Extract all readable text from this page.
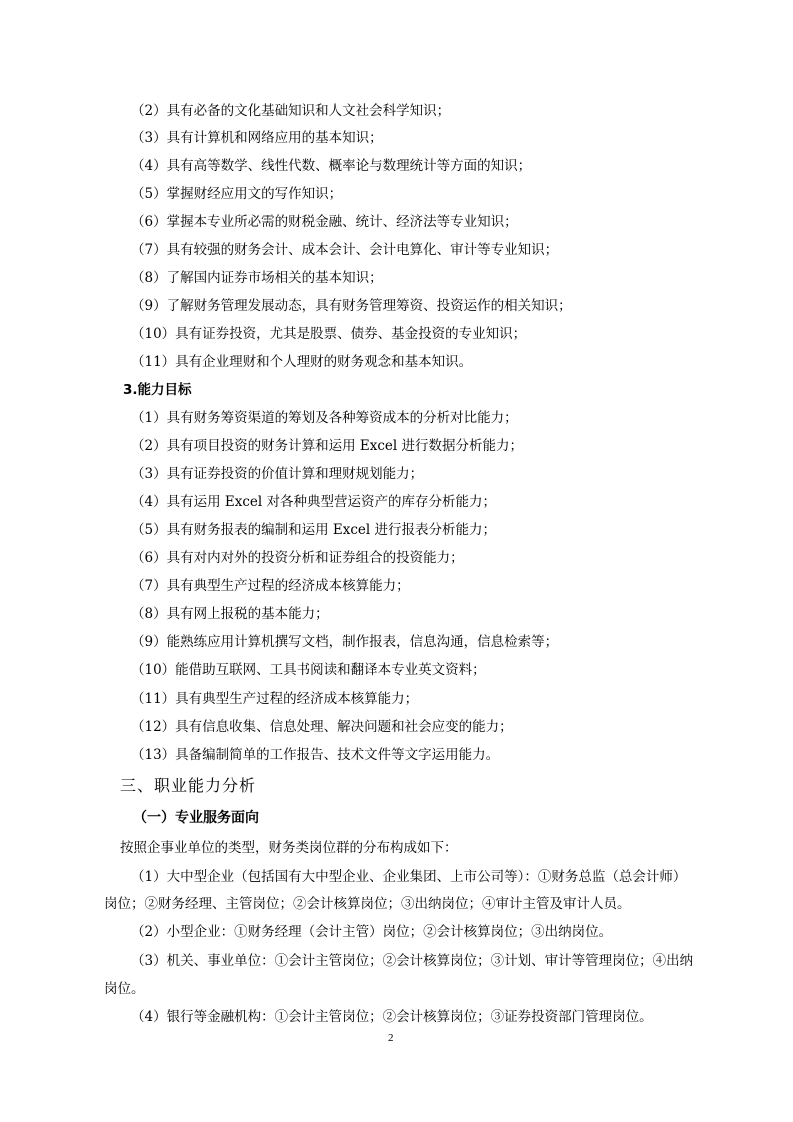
（2）具有必备的文化基础知识和人文社会科学知识；
（3）具有计算机和网络应用的基本知识；
（4）具有高等数学、线性代数、概率论与数理统计等方面的知识；
（5）掌握财经应用文的写作知识；
（6）掌握本专业所必需的财税金融、统计、经济法等专业知识；
（7）具有较强的财务会计、成本会计、会计电算化、审计等专业知识；
（8）了解国内证券市场相关的基本知识；
（9）了解财务管理发展动态，具有财务管理筹资、投资运作的相关知识；
（10）具有证券投资，尤其是股票、债券、基金投资的专业知识；
（11）具有企业理财和个人理财的财务观念和基本知识。
3.能力目标
（1）具有财务筹资渠道的筹划及各种筹资成本的分析对比能力；
（2）具有项目投资的财务计算和运用 Excel 进行数据分析能力；
（3）具有证券投资的价值计算和理财规划能力；
（4）具有运用 Excel 对各种典型营运资产的库存分析能力；
（5）具有财务报表的编制和运用 Excel 进行报表分析能力；
（6）具有对内对外的投资分析和证券组合的投资能力；
（7）具有典型生产过程的经济成本核算能力；
（8）具有网上报税的基本能力；
（9）能熟练应用计算机撰写文档，制作报表，信息沟通，信息检索等；
（10）能借助互联网、工具书阅读和翻译本专业英文资料；
（11）具有典型生产过程的经济成本核算能力；
（12）具有信息收集、信息处理、解决问题和社会应变的能力；
（13）具备编制简单的工作报告、技术文件等文字运用能力。
三、职业能力分析
（一）专业服务面向
按照企事业单位的类型，财务类岗位群的分布构成如下：
（1）大中型企业（包括国有大中型企业、企业集团、上市公司等）：①财务总监（总会计师）
岗位；②财务经理、主管岗位；②会计核算岗位；③出纳岗位；④审计主管及审计人员。
（2）小型企业：①财务经理（会计主管）岗位；②会计核算岗位；③出纳岗位。
（3）机关、事业单位：①会计主管岗位；②会计核算岗位；③计划、审计等管理岗位；④出纳
岗位。
（4）银行等金融机构：①会计主管岗位；②会计核算岗位；③证券投资部门管理岗位。
2
